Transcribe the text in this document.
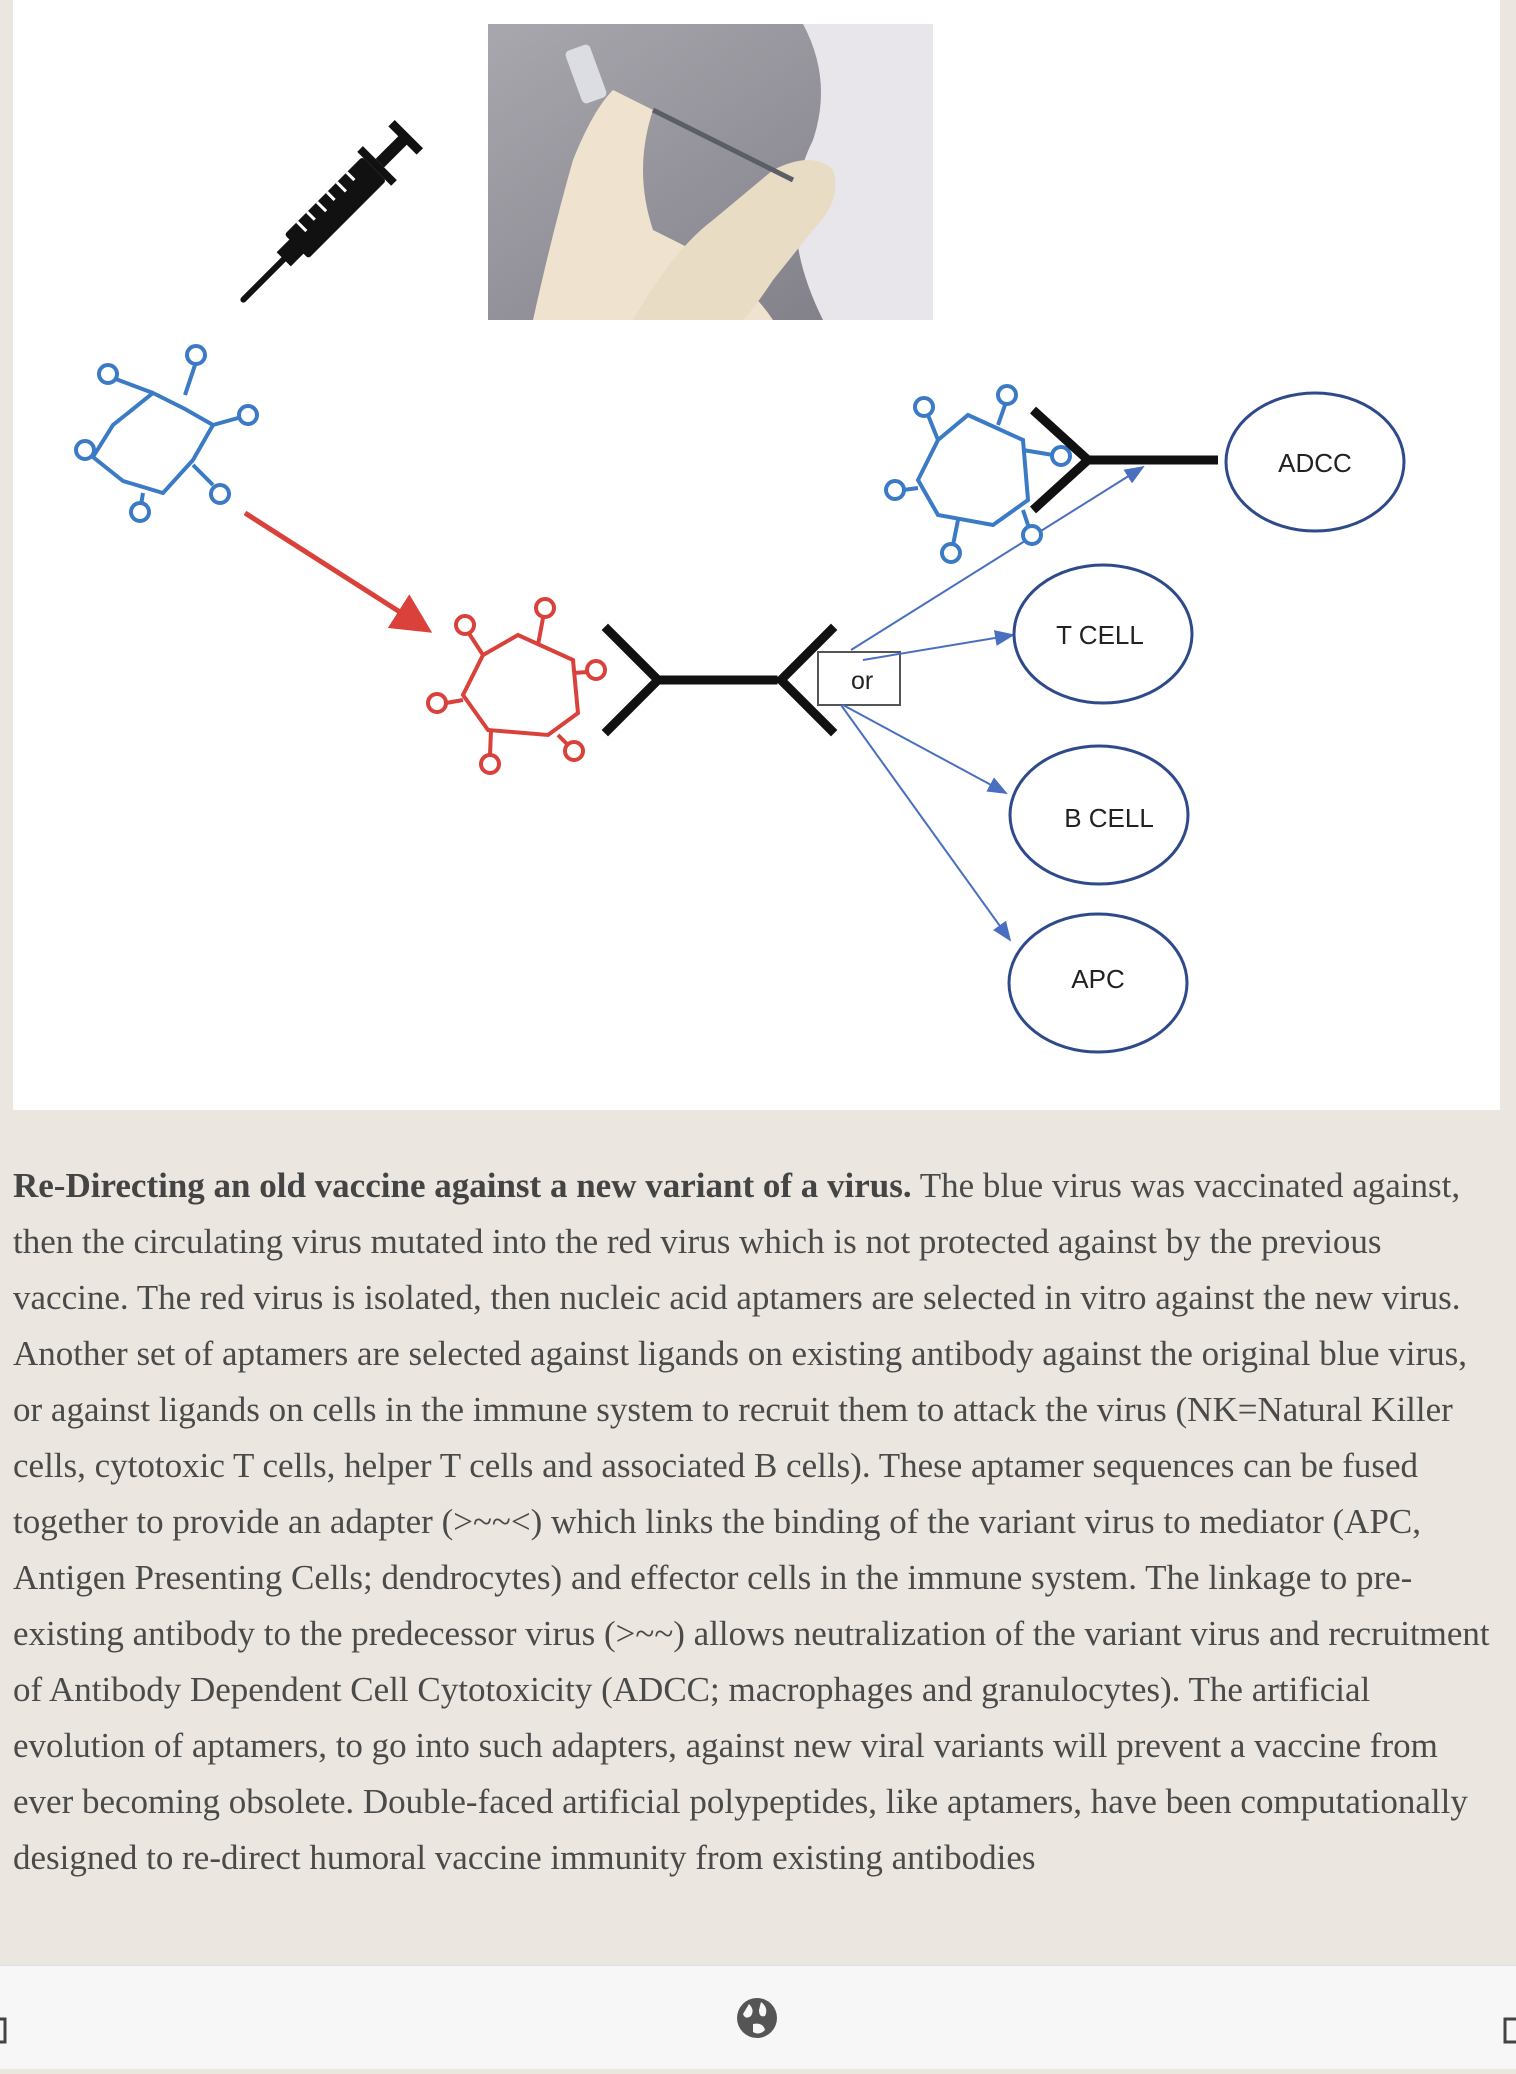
or
ADCC
T CELL
B CELL
APC

Re-Directing an old vaccine against a new variant of a virus. The blue virus was vaccinated against, then the circulating virus mutated into the red virus which is not protected against by the previous vaccine. The red virus is isolated, then nucleic acid aptamers are selected in vitro against the new virus. Another set of aptamers are selected against ligands on existing antibody against the original blue virus, or against ligands on cells in the immune system to recruit them to attack the virus (NK=Natural Killer cells, cytotoxic T cells, helper T cells and associated B cells). These aptamer sequences can be fused together to provide an adapter (>~~<) which links the binding of the variant virus to mediator (APC, Antigen Presenting Cells; dendrocytes) and effector cells in the immune system. The linkage to pre-existing antibody to the predecessor virus (>~~) allows neutralization of the variant virus and recruitment of Antibody Dependent Cell Cytotoxicity (ADCC; macrophages and granulocytes). The artificial evolution of aptamers, to go into such adapters, against new viral variants will prevent a vaccine from ever becoming obsolete. Double-faced artificial polypeptides, like aptamers, have been computationally designed to re-direct humoral vaccine immunity from existing antibodies
